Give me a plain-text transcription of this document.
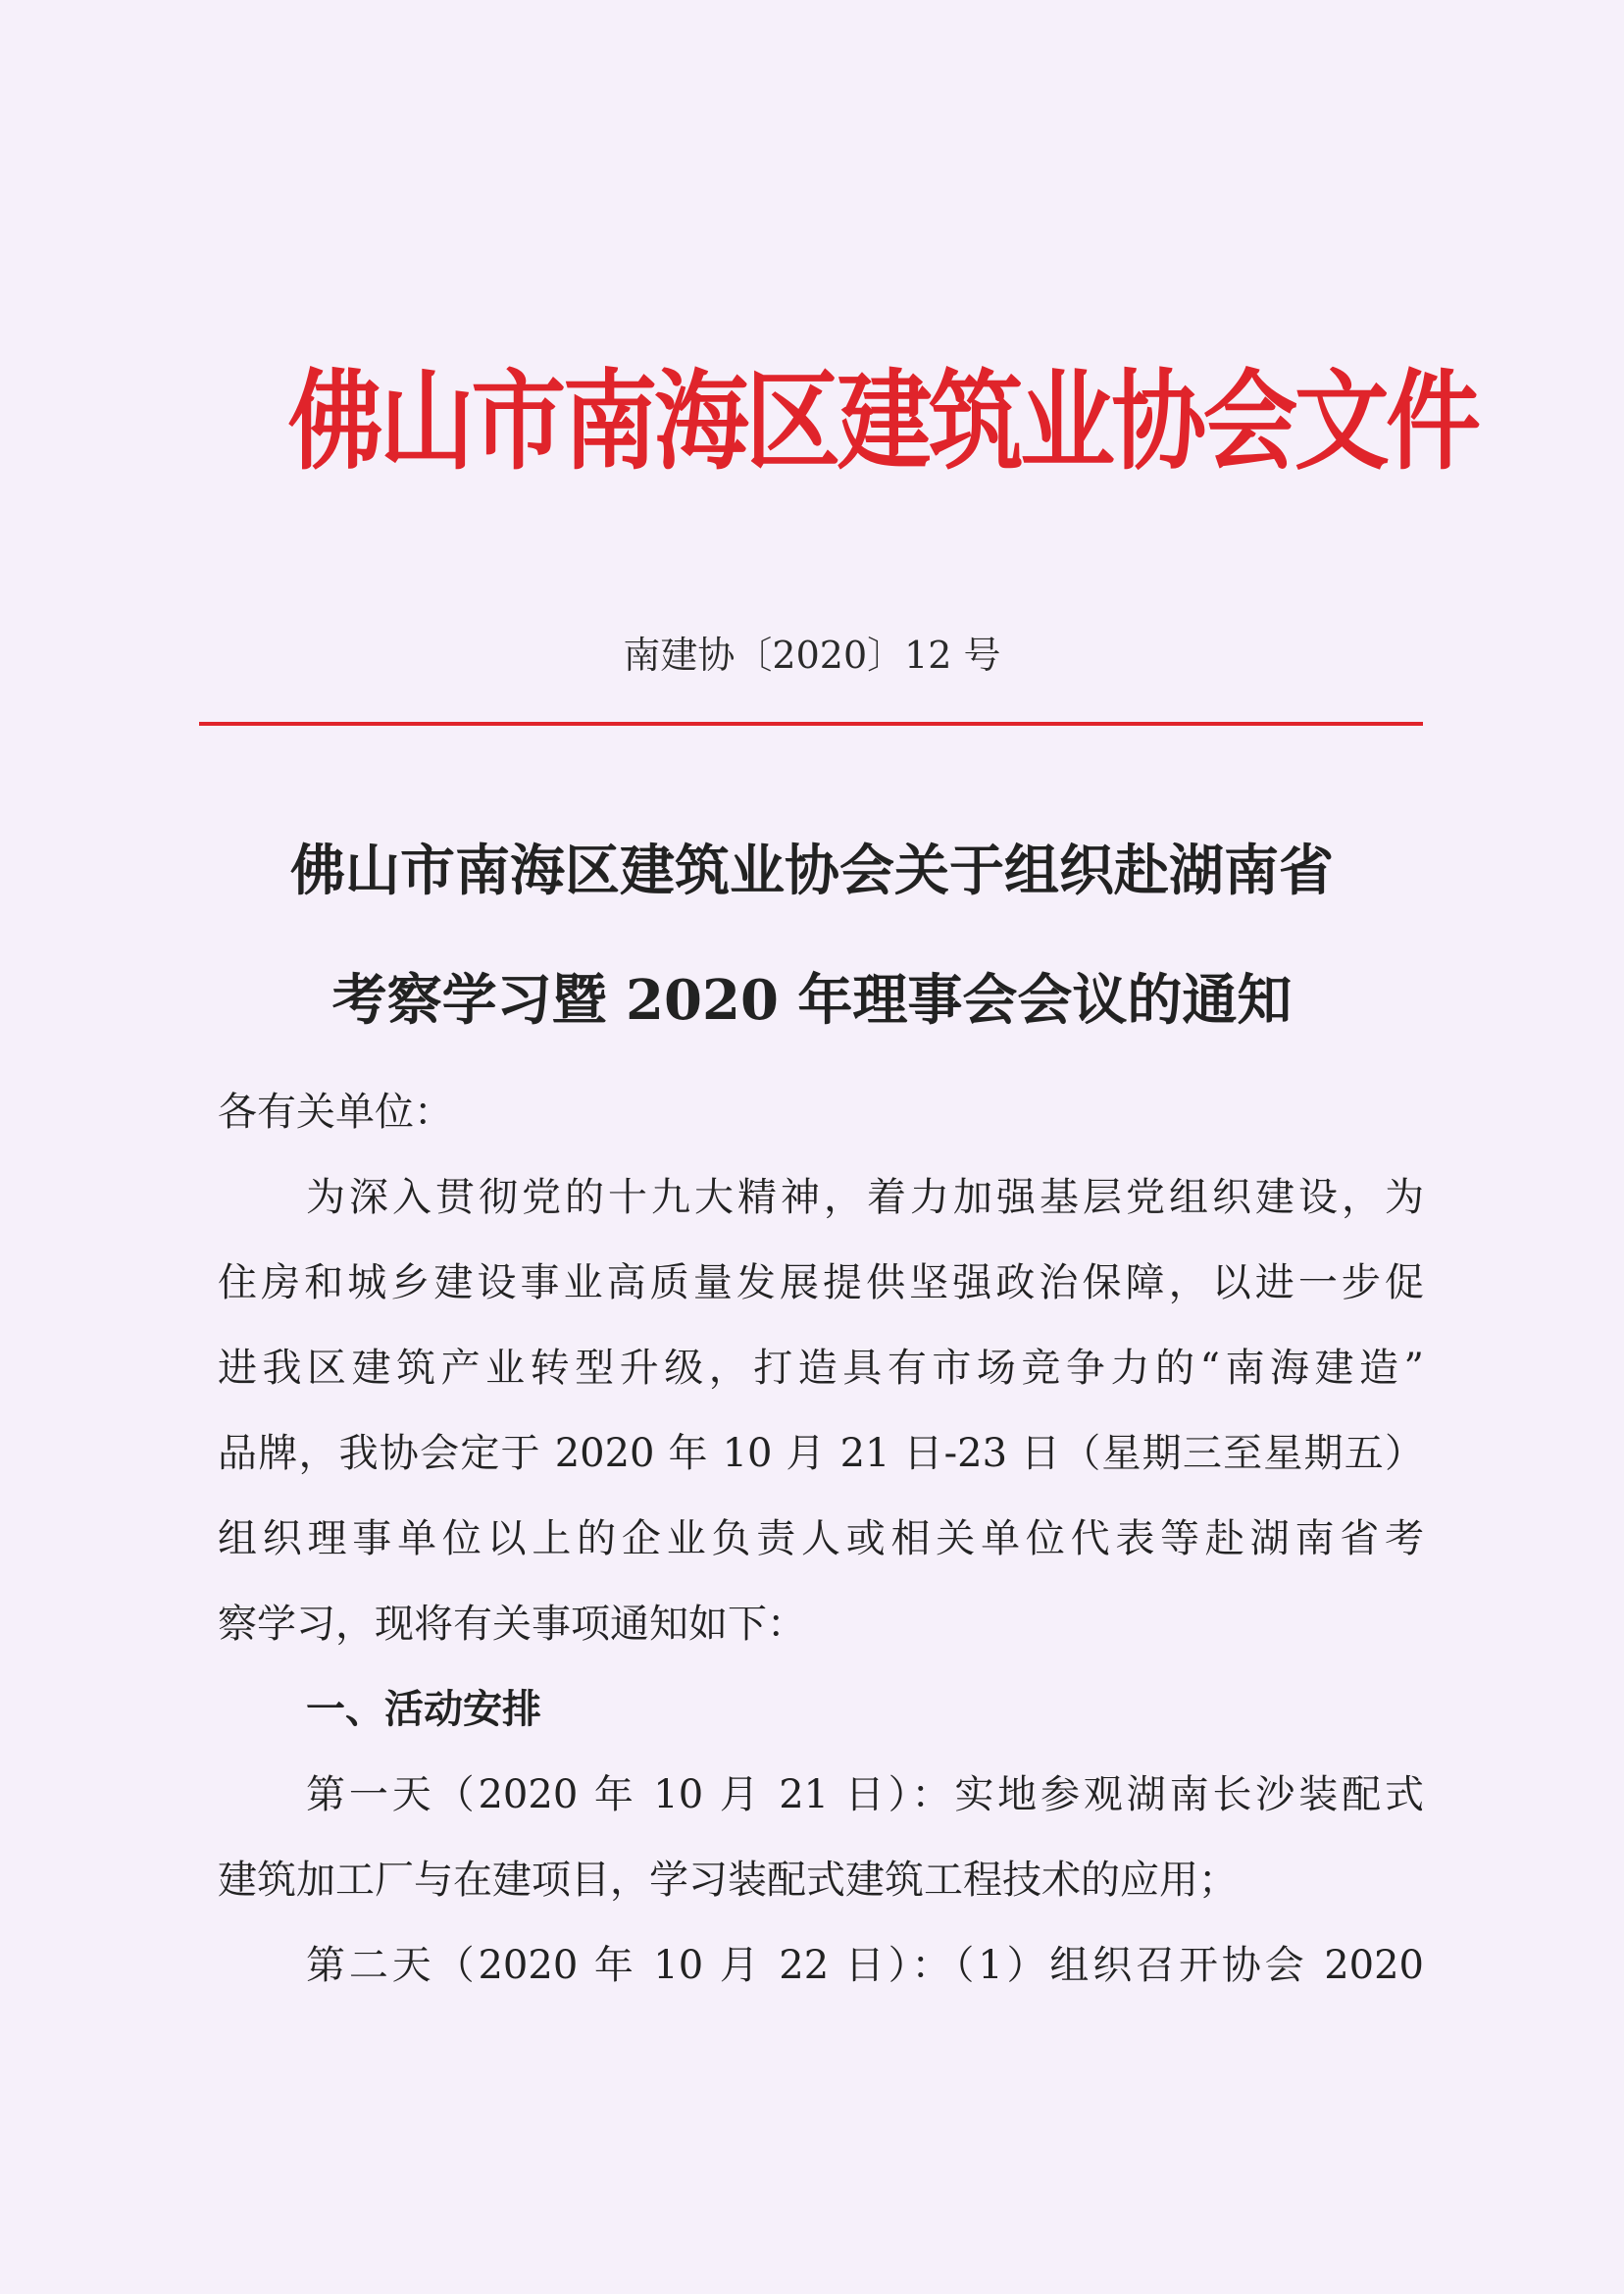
佛山市南海区建筑业协会文件
南建协〔2020〕12 号
佛山市南海区建筑业协会关于组织赴湖南省
考察学习暨 2020 年理事会会议的通知
各有关单位：
为深入贯彻党的十九大精神，着力加强基层党组织建设，为
住房和城乡建设事业高质量发展提供坚强政治保障，以进一步促
进我区建筑产业转型升级，打造具有市场竞争力的“南海建造”
品牌，我协会定于 2020 年 10 月 21 日-23 日（星期三至星期五）
组织理事单位以上的企业负责人或相关单位代表等赴湖南省考
察学习，现将有关事项通知如下：
一、活动安排
第一天（2020 年 10 月 21 日）：实地参观湖南长沙装配式
建筑加工厂与在建项目，学习装配式建筑工程技术的应用；
第二天（2020 年 10 月 22 日）：（1）组织召开协会 2020
